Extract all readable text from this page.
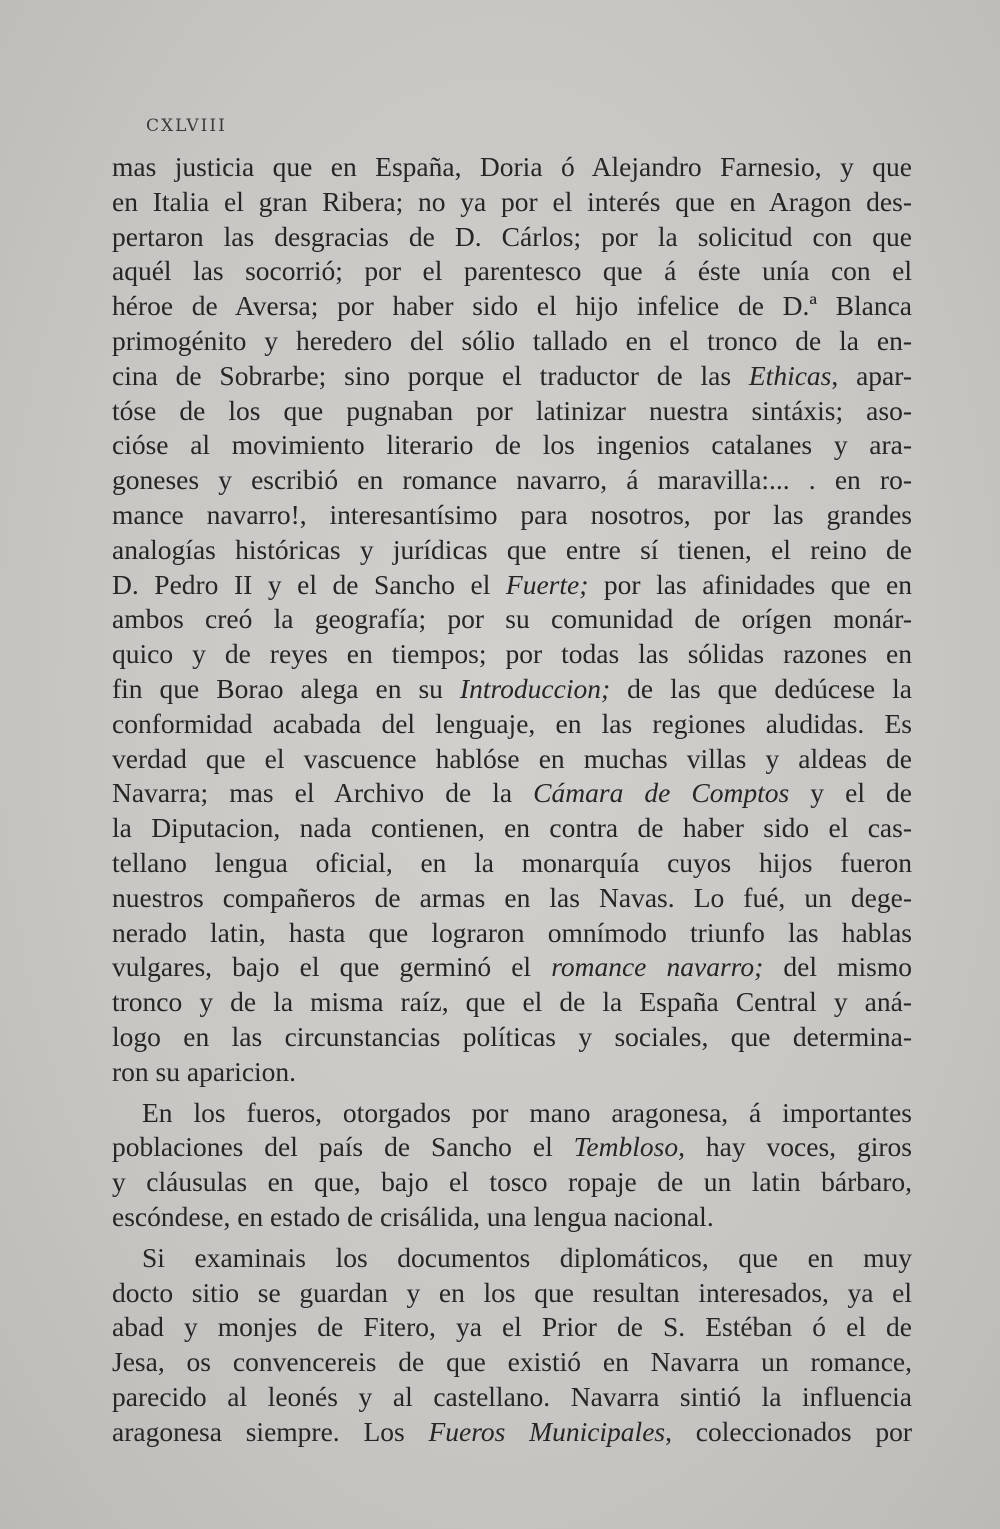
CXLVIII
mas justicia que en España, Doria ó Alejandro Farnesio, y que
en Italia el gran Ribera; no ya por el interés que en Aragon des-
pertaron las desgracias de D. Cárlos; por la solicitud con que
aquél las socorrió; por el parentesco que á éste unía con el
héroe de Aversa; por haber sido el hijo infelice de D.ª Blanca
primogénito y heredero del sólio tallado en el tronco de la en-
cina de Sobrarbe; sino porque el traductor de las Ethicas, apar-
tóse de los que pugnaban por latinizar nuestra sintáxis; aso-
cióse al movimiento literario de los ingenios catalanes y ara-
goneses y escribió en romance navarro, á maravilla:... . en ro-
mance navarro!, interesantísimo para nosotros, por las grandes
analogías históricas y jurídicas que entre sí tienen, el reino de
D. Pedro II y el de Sancho el Fuerte; por las afinidades que en
ambos creó la geografía; por su comunidad de orígen monár-
quico y de reyes en tiempos; por todas las sólidas razones en
fin que Borao alega en su Introduccion; de las que dedúcese la
conformidad acabada del lenguaje, en las regiones aludidas. Es
verdad que el vascuence hablóse en muchas villas y aldeas de
Navarra; mas el Archivo de la Cámara de Comptos y el de
la Diputacion, nada contienen, en contra de haber sido el cas-
tellano lengua oficial, en la monarquía cuyos hijos fueron
nuestros compañeros de armas en las Navas. Lo fué, un dege-
nerado latin, hasta que lograron omnímodo triunfo las hablas
vulgares, bajo el que germinó el romance navarro; del mismo
tronco y de la misma raíz, que el de la España Central y aná-
logo en las circunstancias políticas y sociales, que determina-
ron su aparicion.
En los fueros, otorgados por mano aragonesa, á importantes
poblaciones del país de Sancho el Tembloso, hay voces, giros
y cláusulas en que, bajo el tosco ropaje de un latin bárbaro,
escóndese, en estado de crisálida, una lengua nacional.
Si examinais los documentos diplomáticos, que en muy
docto sitio se guardan y en los que resultan interesados, ya el
abad y monjes de Fitero, ya el Prior de S. Estéban ó el de
Jesa, os convencereis de que existió en Navarra un romance,
parecido al leonés y al castellano. Navarra sintió la influencia
aragonesa siempre. Los Fueros Municipales, coleccionados por
